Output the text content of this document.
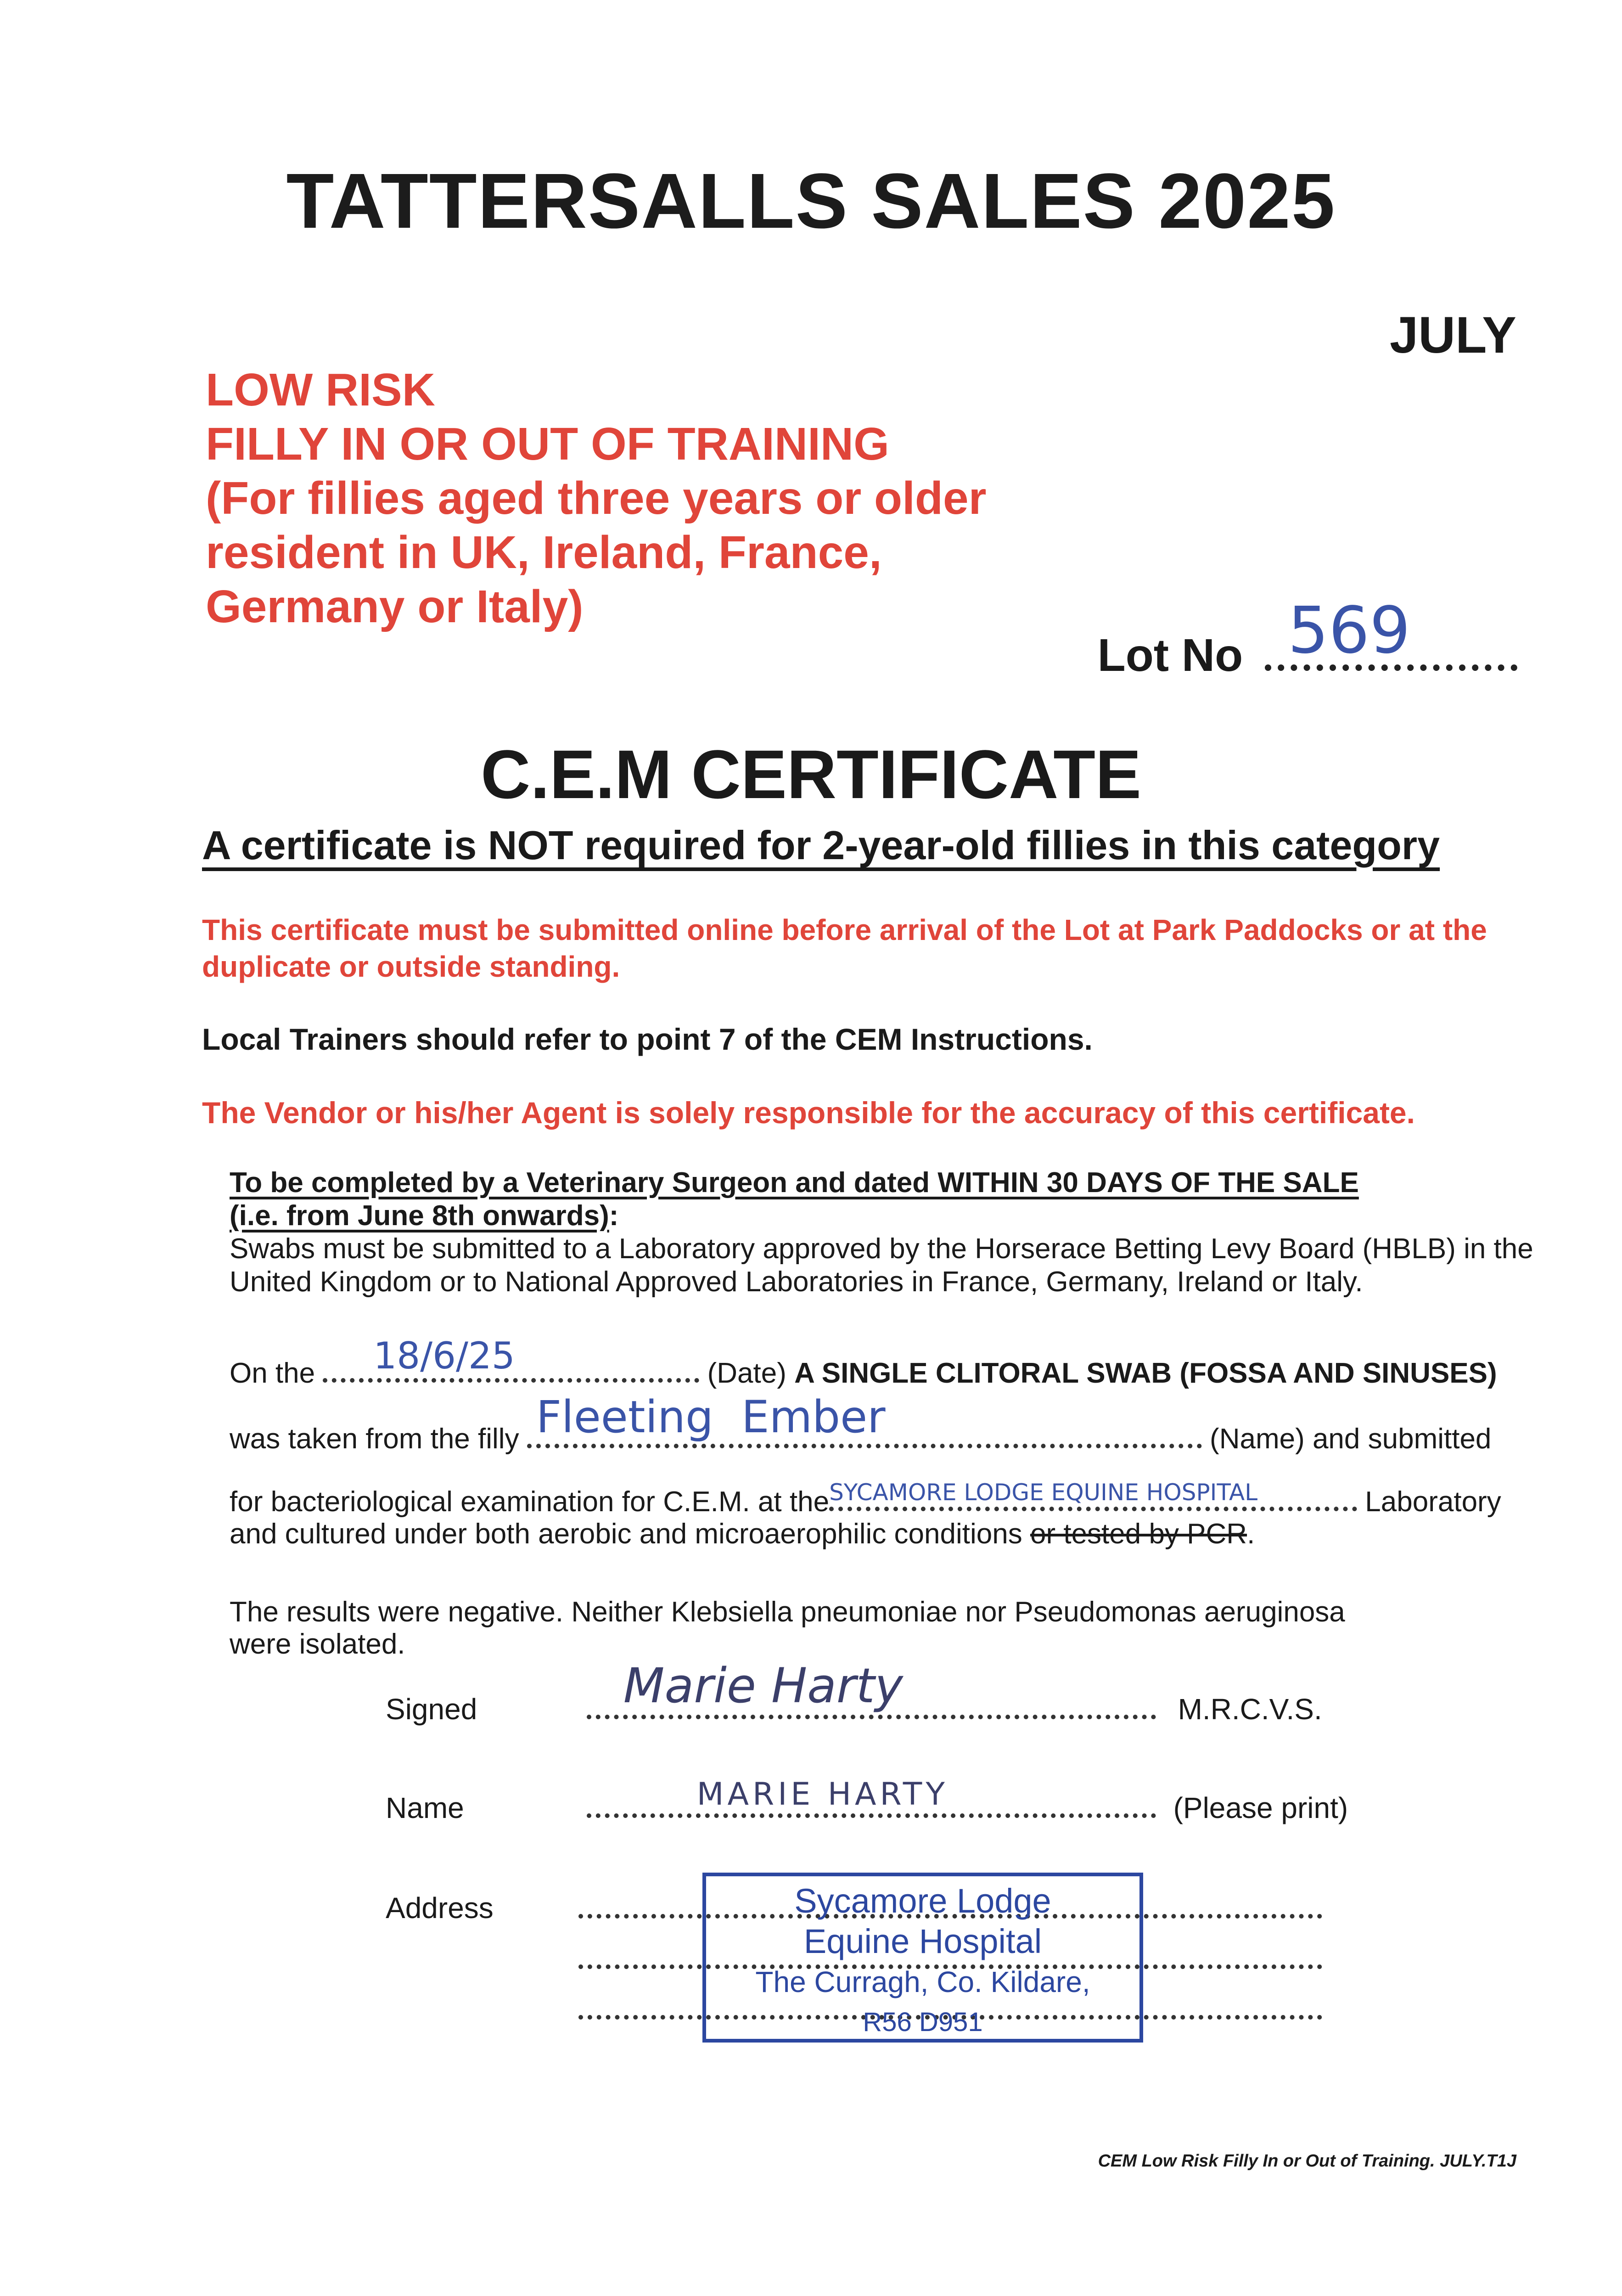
TATTERSALLS SALES 2025
JULY
LOW RISK
FILLY IN OR OUT OF TRAINING
(For fillies aged three years or older
resident in UK, Ireland, France,
Germany or Italy)
Lot No 569
C.E.M CERTIFICATE
A certificate is NOT required for 2-year-old fillies in this category
This certificate must be submitted online before arrival of the Lot at Park Paddocks or at the duplicate or outside standing.
Local Trainers should refer to point 7 of the CEM Instructions.
The Vendor or his/her Agent is solely responsible for the accuracy of this certificate.
To be completed by a Veterinary Surgeon and dated WITHIN 30 DAYS OF THE SALE
(i.e. from June 8th onwards):
Swabs must be submitted to a Laboratory approved by the Horserace Betting Levy Board (HBLB) in the United Kingdom or to National Approved Laboratories in France, Germany, Ireland or Italy.
On the 18/6/25	(Date) A SINGLE CLITORAL SWAB (FOSSA AND SINUSES)
was taken from the filly Fleeting  Ember	(Name) and submitted
for bacteriological examination for C.E.M. at the SYCAMORE LODGE EQUINE HOSPITAL	Laboratory
and cultured under both aerobic and microaerophilic conditions or tested by PCR.
The results were negative. Neither Klebsiella pneumoniae nor Pseudomonas aeruginosa
were isolated.
Signed	Marie Harty	M.R.C.V.S.
Name	MARIE HARTY	(Please print)
Address	Sycamore Lodge
Equine Hospital
The Curragh, Co. Kildare,
R56 D951
CEM Low Risk Filly In or Out of Training. JULY.T1J
